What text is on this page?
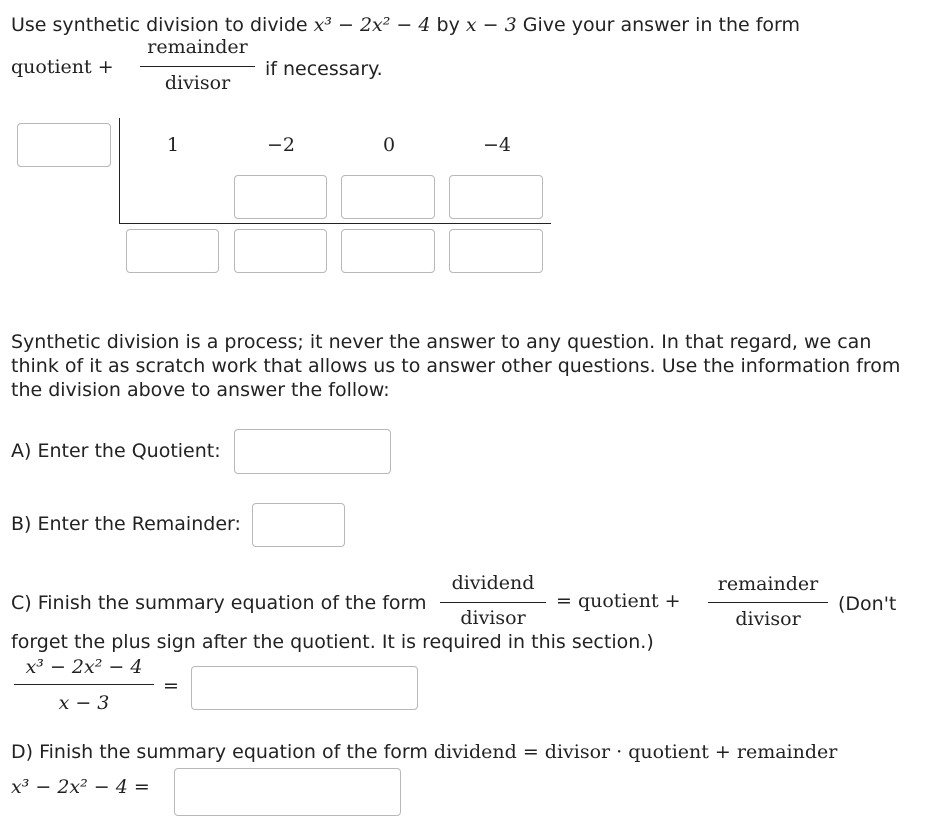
Use synthetic division to divide x³ − 2x² − 4 by x − 3 Give your answer in the form
quotient +
remainder
divisor
if necessary.
1	−2	0	−4
Synthetic division is a process; it never the answer to any question. In that regard, we can think of it as scratch work that allows us to answer other questions. Use the information from the division above to answer the follow:
A) Enter the Quotient:
B) Enter the Remainder:
C) Finish the summary equation of the form
dividend
divisor
= quotient +
remainder
divisor
(Don't
forget the plus sign after the quotient. It is required in this section.)
x³ − 2x² − 4
x − 3
=
D) Finish the summary equation of the form dividend = divisor · quotient + remainder
x³ − 2x² − 4 =
